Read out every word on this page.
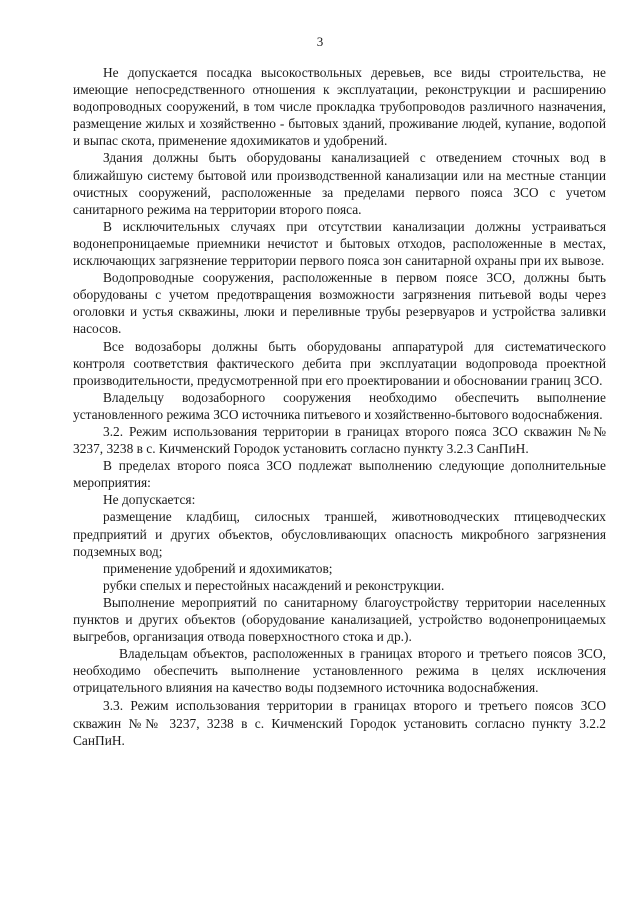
3

Не допускается посадка высокоствольных деревьев, все виды строительства, не имеющие непосредственного отношения к эксплуатации, реконструкции и расширению водопроводных сооружений, в том числе прокладка трубопроводов различного назначения, размещение жилых и хозяйственно - бытовых зданий, проживание людей, купание, водопой и выпас скота, применение ядохимикатов и удобрений.

Здания должны быть оборудованы канализацией с отведением сточных вод в ближайшую систему бытовой или производственной канализации или на местные станции очистных сооружений, расположенные за пределами первого пояса ЗСО с учетом санитарного режима на территории второго пояса.

В исключительных случаях при отсутствии канализации должны устраиваться водонепроницаемые приемники нечистот и бытовых отходов, расположенные в местах, исключающих загрязнение территории первого пояса зон санитарной охраны при их вывозе.

Водопроводные сооружения, расположенные в первом поясе ЗСО, должны быть оборудованы с учетом предотвращения возможности загрязнения питьевой воды через оголовки и устья скважины, люки и переливные трубы резервуаров и устройства заливки насосов.

Все водозаборы должны быть оборудованы аппаратурой для систематического контроля соответствия фактического дебита при эксплуатации водопровода проектной производительности, предусмотренной при его проектировании и обосновании границ ЗСО.

Владельцу водозаборного сооружения необходимо обеспечить выполнение установленного режима ЗСО источника питьевого и хозяйственно-бытового водоснабжения.

3.2. Режим использования территории в границах второго пояса ЗСО скважин №№ 3237, 3238 в с. Кичменский Городок установить согласно пункту 3.2.3 СанПиН.

В пределах второго пояса ЗСО подлежат выполнению следующие дополнительные мероприятия:

Не допускается:

размещение кладбищ, силосных траншей, животноводческих птицеводческих предприятий и других объектов, обусловливающих опасность микробного загрязнения подземных вод;

применение удобрений и ядохимикатов;

рубки спелых и перестойных насаждений и реконструкции.

Выполнение мероприятий по санитарному благоустройству территории населенных пунктов и других объектов (оборудование канализацией, устройство водонепроницаемых выгребов, организация отвода поверхностного стока и др.).

Владельцам объектов, расположенных в границах второго и третьего поясов ЗСО, необходимо обеспечить выполнение установленного режима в целях исключения отрицательного влияния на качество воды подземного источника водоснабжения.

3.3. Режим использования территории в границах второго и третьего поясов ЗСО скважин №№ 3237, 3238 в с. Кичменский Городок установить согласно пункту 3.2.2 СанПиН.
